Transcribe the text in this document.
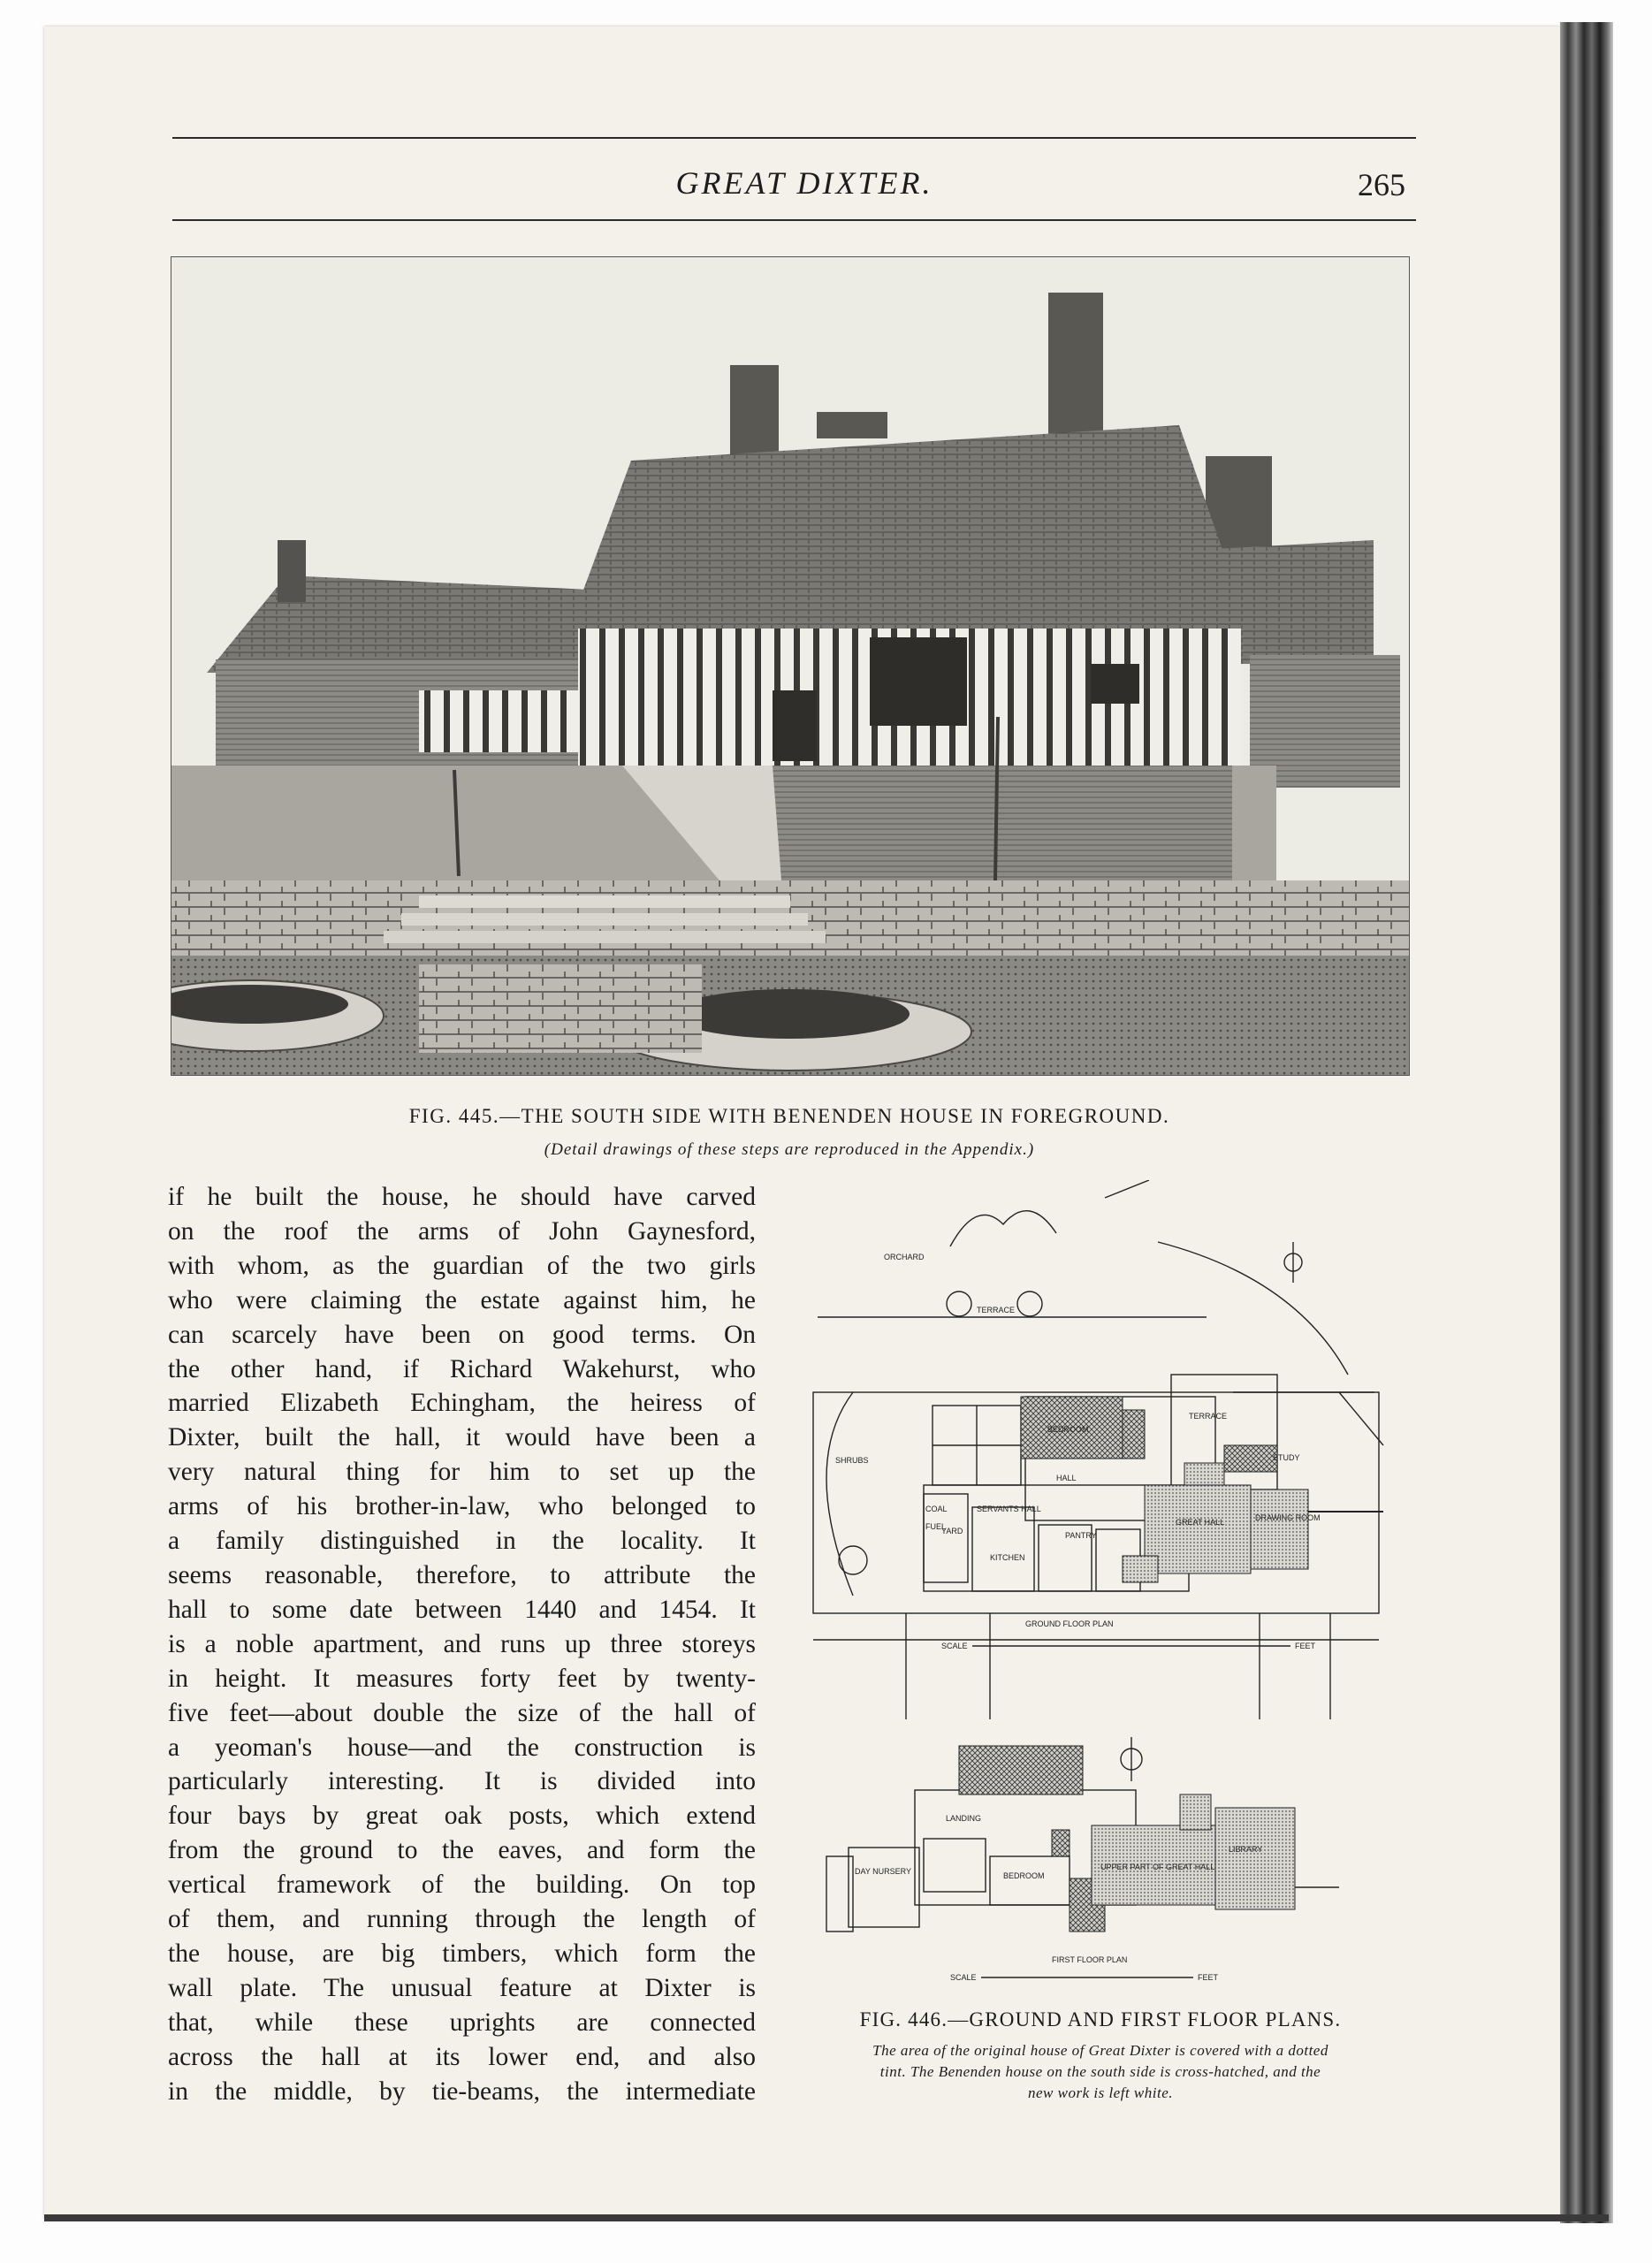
GREAT DIXTER.	265
FIG. 445.—THE SOUTH SIDE WITH BENENDEN HOUSE IN FOREGROUND.
(Detail drawings of these steps are reproduced in the Appendix.)
if he built the house, he should have carved
on the roof the arms of John Gaynesford,
with whom, as the guardian of the two girls
who were claiming the estate against him, he
can scarcely have been on good terms. On
the other hand, if Richard Wakehurst, who
married Elizabeth Echingham, the heiress of
Dixter, built the hall, it would have been a
very natural thing for him to set up the
arms of his brother-in-law, who belonged to
a family distinguished in the locality. It
seems reasonable, therefore, to attribute the
hall to some date between 1440 and 1454. It
is a noble apartment, and runs up three storeys
in height. It measures forty feet by twenty-
five feet—about double the size of the hall of
a yeoman's house—and the construction is
particularly interesting. It is divided into
four bays by great oak posts, which extend
from the ground to the eaves, and form the
vertical framework of the building. On top
of them, and running through the length of
the house, are big timbers, which form the
wall plate. The unusual feature at Dixter is
that, while these uprights are connected
across the hall at its lower end, and also
in the middle, by tie-beams, the intermediate
ORCHARD
TERRACE
TERRACE
SHRUBS
BEDROOM
HALL
SERVANTS HALL
YARD
COAL
FUEL
KITCHEN
PANTRY
GREAT HALL	DRAWING ROOM
STUDY
GROUND FLOOR PLAN
SCALE	FEET
LANDING
DAY NURSERY	BEDROOM
UPPER PART OF GREAT HALL
LIBRARY
FIRST FLOOR PLAN
SCALE	FEET
FIG. 446.—GROUND AND FIRST FLOOR PLANS.
The area of the original house of Great Dixter is covered with a dotted
tint. The Benenden house on the south side is cross-hatched, and the
new work is left white.
